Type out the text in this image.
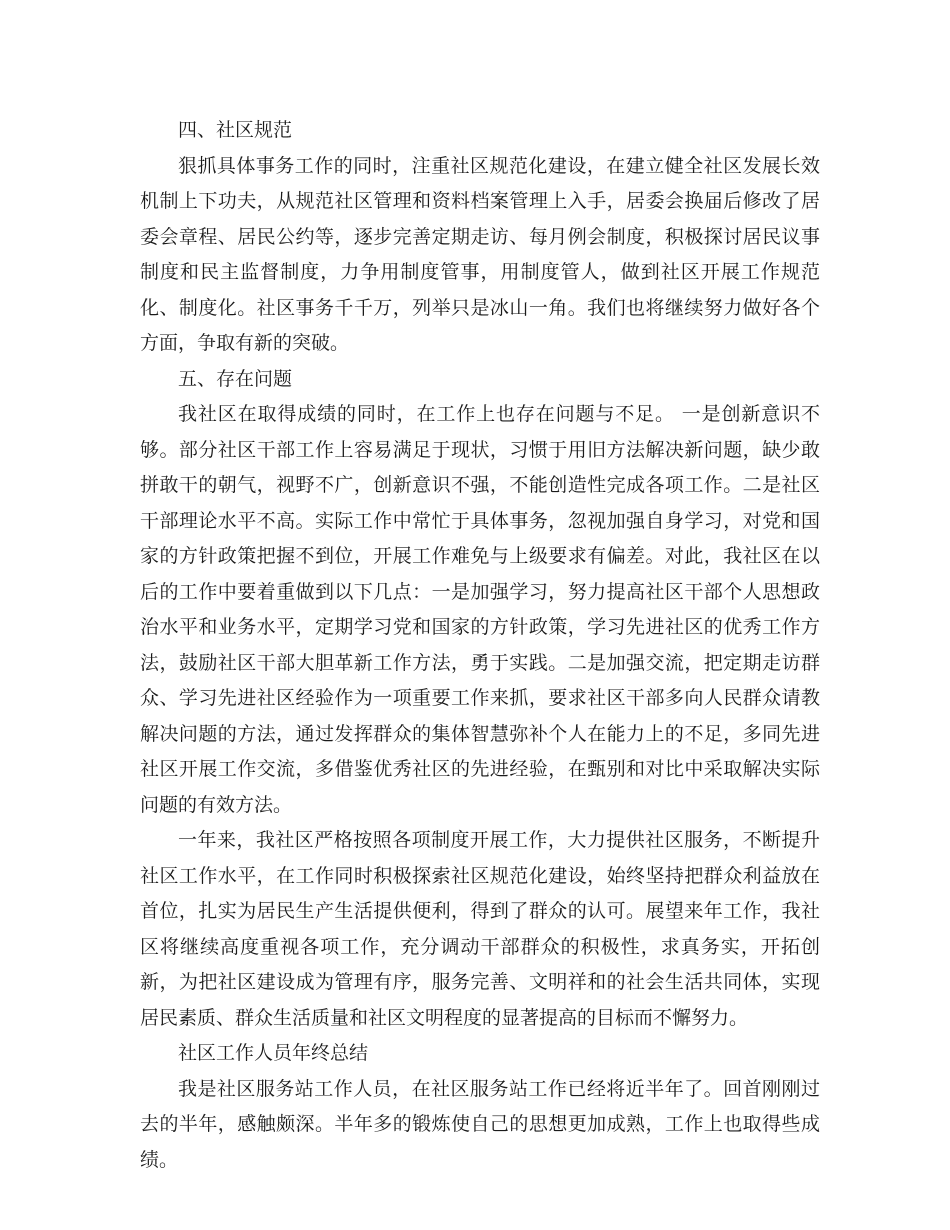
四、社区规范

狠抓具体事务工作的同时，注重社区规范化建设，在建立健全社区发展长效机制上下功夫，从规范社区管理和资料档案管理上入手，居委会换届后修改了居委会章程、居民公约等，逐步完善定期走访、每月例会制度，积极探讨居民议事制度和民主监督制度，力争用制度管事，用制度管人，做到社区开展工作规范化、制度化。社区事务千千万，列举只是冰山一角。我们也将继续努力做好各个方面，争取有新的突破。

五、存在问题

我社区在取得成绩的同时，在工作上也存在问题与不足。 一是创新意识不够。部分社区干部工作上容易满足于现状，习惯于用旧方法解决新问题，缺少敢拼敢干的朝气，视野不广，创新意识不强，不能创造性完成各项工作。二是社区干部理论水平不高。实际工作中常忙于具体事务，忽视加强自身学习，对党和国家的方针政策把握不到位，开展工作难免与上级要求有偏差。对此，我社区在以后的工作中要着重做到以下几点：一是加强学习，努力提高社区干部个人思想政治水平和业务水平，定期学习党和国家的方针政策，学习先进社区的优秀工作方法，鼓励社区干部大胆革新工作方法，勇于实践。二是加强交流，把定期走访群众、学习先进社区经验作为一项重要工作来抓，要求社区干部多向人民群众请教解决问题的方法，通过发挥群众的集体智慧弥补个人在能力上的不足，多同先进社区开展工作交流，多借鉴优秀社区的先进经验，在甄别和对比中采取解决实际问题的有效方法。

一年来，我社区严格按照各项制度开展工作，大力提供社区服务，不断提升社区工作水平，在工作同时积极探索社区规范化建设，始终坚持把群众利益放在首位，扎实为居民生产生活提供便利，得到了群众的认可。展望来年工作，我社区将继续高度重视各项工作，充分调动干部群众的积极性，求真务实，开拓创新，为把社区建设成为管理有序，服务完善、文明祥和的社会生活共同体，实现居民素质、群众生活质量和社区文明程度的显著提高的目标而不懈努力。

社区工作人员年终总结

我是社区服务站工作人员，在社区服务站工作已经将近半年了。回首刚刚过去的半年，感触颇深。半年多的锻炼使自己的思想更加成熟，工作上也取得些成绩。
